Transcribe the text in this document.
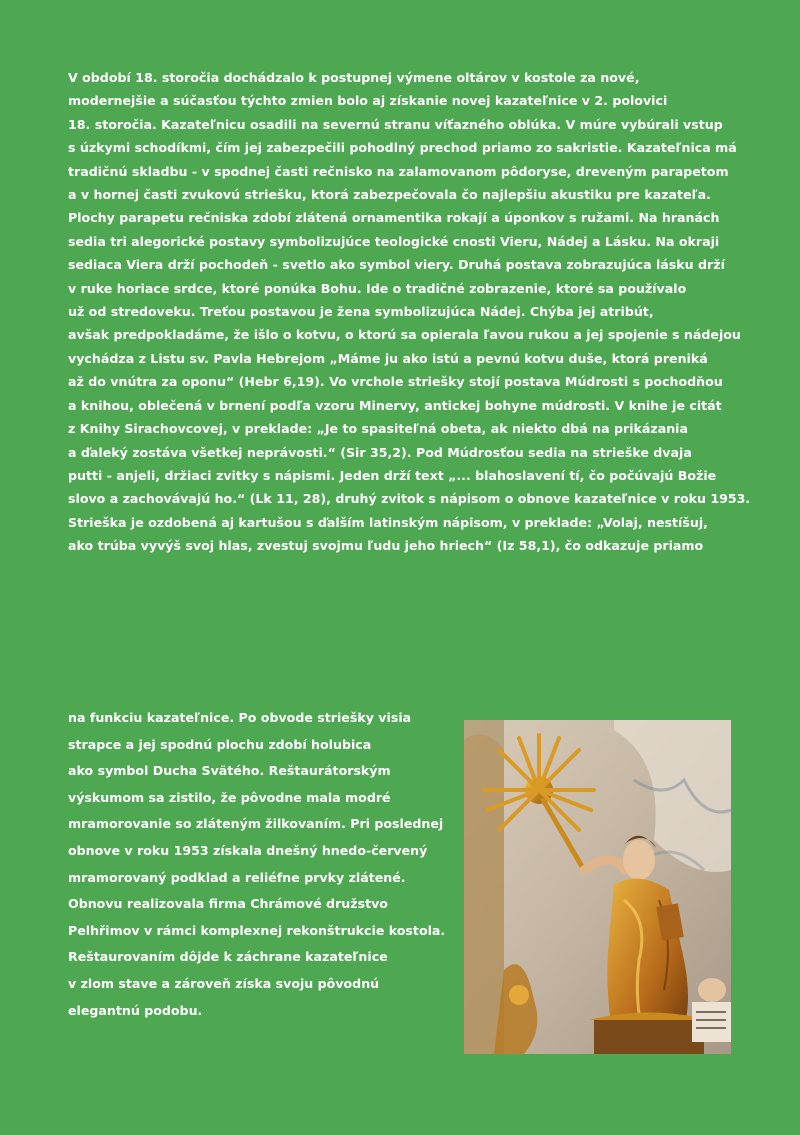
V období 18. storočia dochádzalo k postupnej výmene oltárov v kostole za nové,
modernejšie a súčasťou týchto zmien bolo aj získanie novej kazateľnice v 2. polovici
18. storočia. Kazateľnicu osadili na severnú stranu víťazného oblúka. V múre vybúrali vstup
s úzkymi schodíkmi, čím jej zabezpečili pohodlný prechod priamo zo sakristie. Kazateľnica má
tradičnú skladbu - v spodnej časti rečnisko na zalamovanom pôdoryse, dreveným parapetom
a v hornej časti zvukovú striešku, ktorá zabezpečovala čo najlepšiu akustiku pre kazateľa.
Plochy parapetu rečniska zdobí zlátená ornamentika rokají a úponkov s ružami. Na hranách
sedia tri alegorické postavy symbolizujúce teologické cnosti Vieru, Nádej a Lásku. Na okraji
sediaca Viera drží pochodeň - svetlo ako symbol viery. Druhá postava zobrazujúca lásku drží
v ruke horiace srdce, ktoré ponúka Bohu. Ide o tradičné zobrazenie, ktoré sa používalo
už od stredoveku. Treťou postavou je žena symbolizujúca Nádej. Chýba jej atribút,
avšak predpokladáme, že išlo o kotvu, o ktorú sa opierala ľavou rukou a jej spojenie s nádejou
vychádza z Listu sv. Pavla Hebrejom „Máme ju ako istú a pevnú kotvu duše, ktorá preniká
až do vnútra za oponu“ (Hebr 6,19). Vo vrchole striešky stojí postava Múdrosti s pochodňou
a knihou, oblečená v brnení podľa vzoru Minervy, antickej bohyne múdrosti. V knihe je citát
z Knihy Sirachovcovej, v preklade: „Je to spasiteľná obeta, ak niekto dbá na prikázania
a ďaleký zostáva všetkej neprávosti.“ (Sir 35,2). Pod Múdrosťou sedia na strieške dvaja
putti - anjeli, držiaci zvitky s nápismi. Jeden drží text „... blahoslavení tí, čo počúvajú Božie
slovo a zachovávajú ho.“ (Lk 11, 28), druhý zvitok s nápisom o obnove kazateľnice v roku 1953.
Strieška je ozdobená aj kartušou s ďalším latinským nápisom, v preklade: „Volaj, nestíšuj,
ako trúba vyvýš svoj hlas, zvestuj svojmu ľudu jeho hriech“ (Iz 58,1), čo odkazuje priamo
na funkciu kazateľnice. Po obvode striešky visia
strapce a jej spodnú plochu zdobí holubica
ako symbol Ducha Svätého. Reštaurátorským
výskumom sa zistilo, že pôvodne mala modré
mramorovanie so zláteným žilkovaním. Pri poslednej
obnove v roku 1953 získala dnešný hnedo-červený
mramorovaný podklad a reliéfne prvky zlátené.
Obnovu realizovala firma Chrámové družstvo
Pelhřimov v rámci komplexnej rekonštrukcie kostola.
Reštaurovaním dôjde k záchrane kazateľnice
v zlom stave a zároveň získa svoju pôvodnú
elegantnú podobu.
